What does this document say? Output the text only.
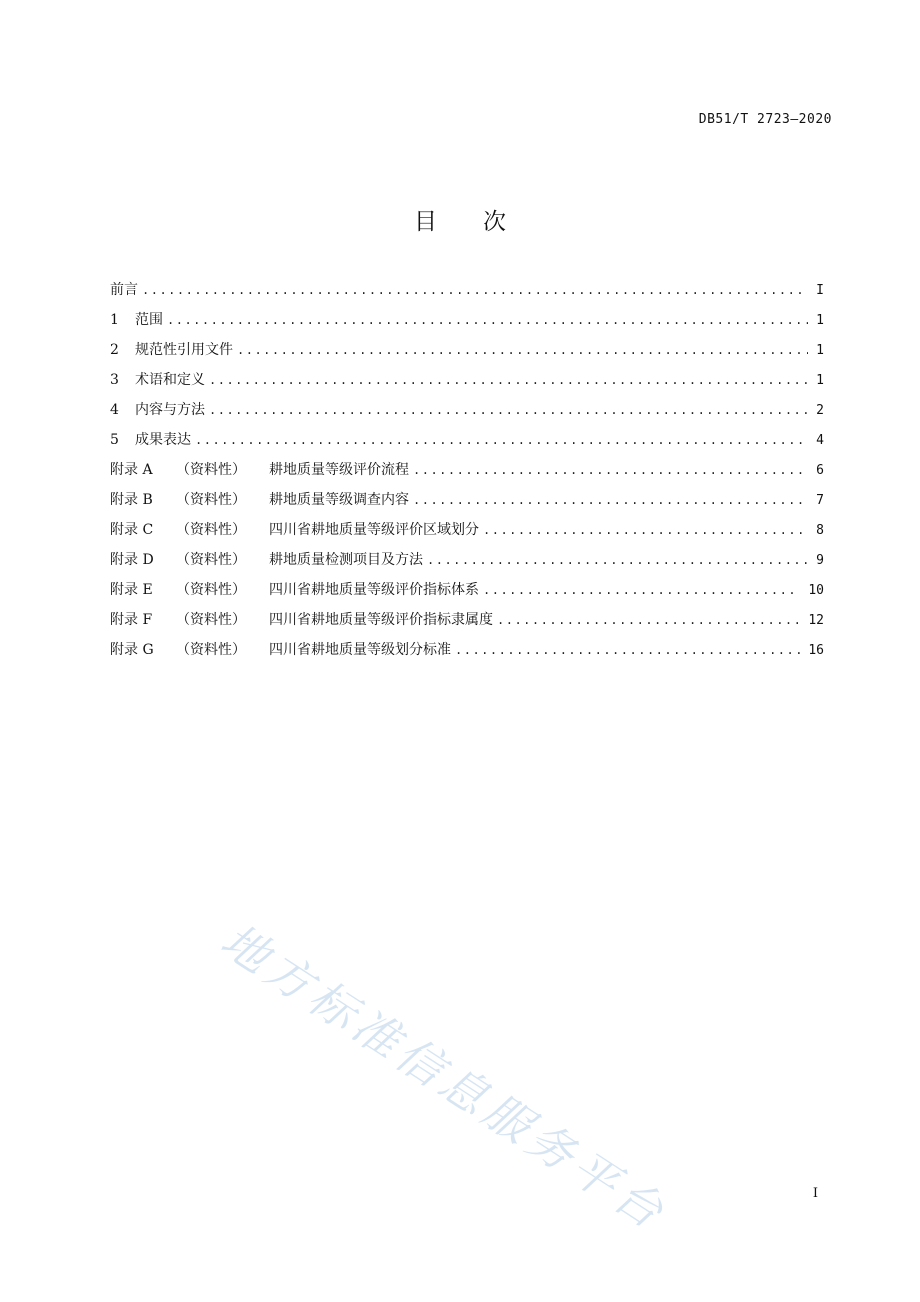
DB51/T 2723—2020
目次
前言 .....	I
1 范围 .....	1
2 规范性引用文件 .....	1
3 术语和定义 .....	1
4 内容与方法 .....	2
5 成果表达 .....	4
附录 A （资料性） 耕地质量等级评价流程 .....	6
附录 B （资料性） 耕地质量等级调查内容 .....	7
附录 C （资料性） 四川省耕地质量等级评价区域划分 .....	8
附录 D （资料性） 耕地质量检测项目及方法 .....	9
附录 E （资料性） 四川省耕地质量等级评价指标体系 .....	10
附录 F （资料性） 四川省耕地质量等级评价指标隶属度 .....	12
附录 G （资料性） 四川省耕地质量等级划分标准 .....	16
地方标准信息服务平台	I
